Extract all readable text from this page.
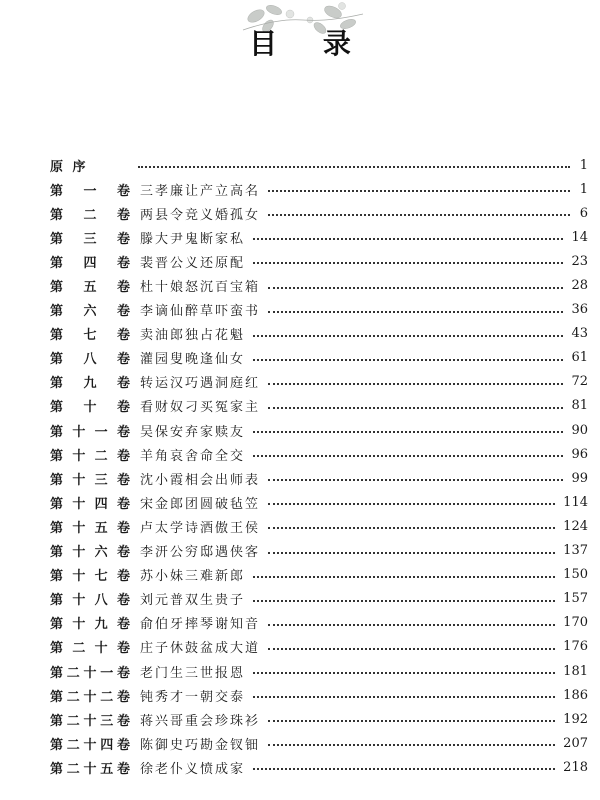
目 录
原 序	1
第 一 卷 三孝廉让产立高名	1
第 二 卷 两县令竞义婚孤女	6
第 三 卷 滕大尹鬼断家私	14
第 四 卷 裴晋公义还原配	23
第 五 卷 杜十娘怒沉百宝箱	28
第 六 卷 李谪仙醉草吓蛮书	36
第 七 卷 卖油郎独占花魁	43
第 八 卷 灌园叟晚逢仙女	61
第 九 卷 转运汉巧遇洞庭红	72
第 十 卷 看财奴刁买冤家主	81
第 十 一 卷 吴保安弃家赎友	90
第 十 二 卷 羊角哀舍命全交	96
第 十 三 卷 沈小霞相会出师表	99
第 十 四 卷 宋金郎团圆破毡笠	114
第 十 五 卷 卢太学诗酒傲王侯	124
第 十 六 卷 李汧公穷邸遇侠客	137
第 十 七 卷 苏小妹三难新郎	150
第 十 八 卷 刘元普双生贵子	157
第 十 九 卷 俞伯牙摔琴谢知音	170
第 二 十 卷 庄子休鼓盆成大道	176
第 二 十 一 卷 老门生三世报恩	181
第 二 十 二 卷 钝秀才一朝交泰	186
第 二 十 三 卷 蒋兴哥重会珍珠衫	192
第 二 十 四 卷 陈御史巧勘金钗钿	207
第 二 十 五 卷 徐老仆义愤成家	218
